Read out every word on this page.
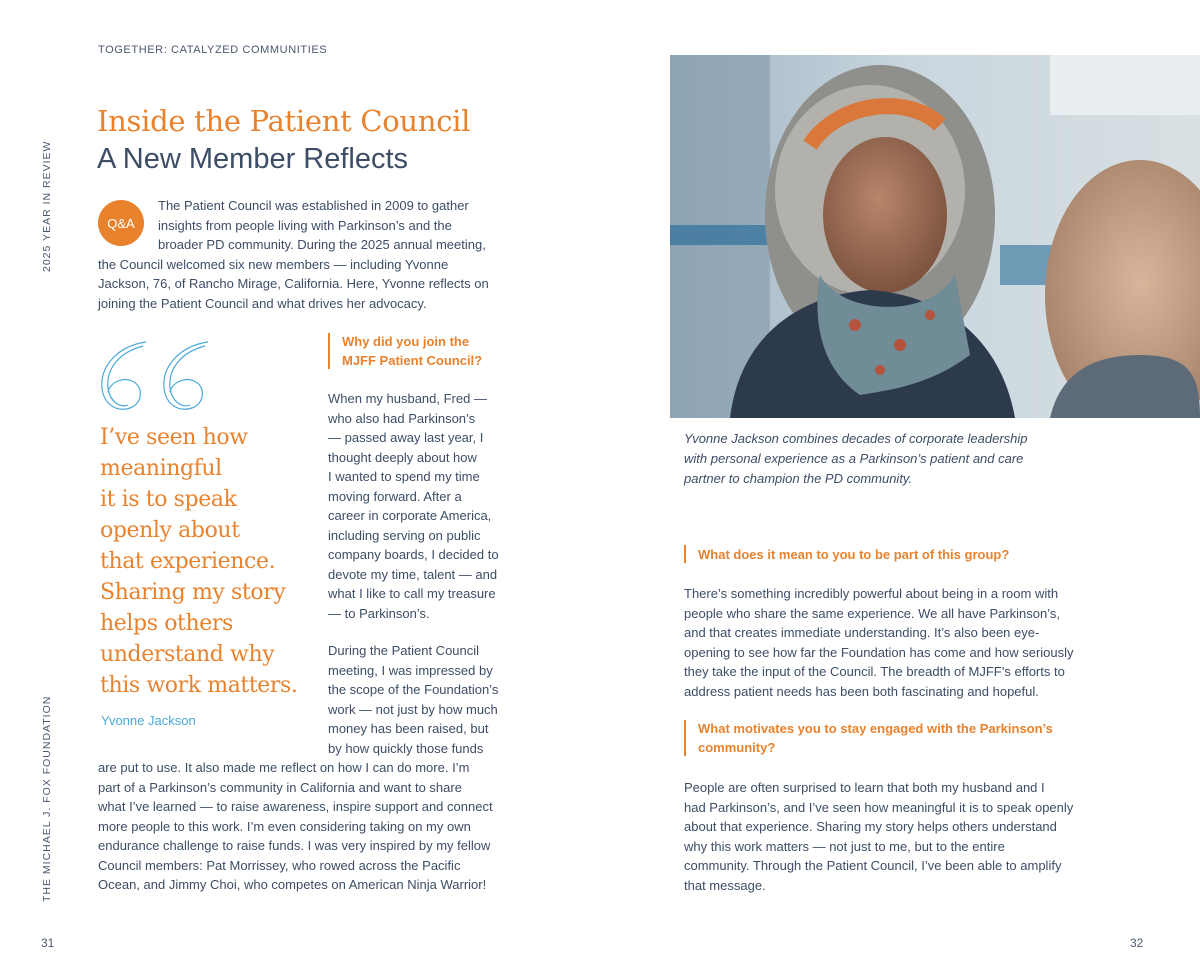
TOGETHER: CATALYZED COMMUNITIES
2025 YEAR IN REVIEW
THE MICHAEL J. FOX FOUNDATION
31	32
Inside the Patient Council
A New Member Reflects
Q&A
The Patient Council was established in 2009 to gather
insights from people living with Parkinson’s and the
broader PD community. During the 2025 annual meeting,
the Council welcomed six new members — including Yvonne
Jackson, 76, of Rancho Mirage, California. Here, Yvonne reflects on
joining the Patient Council and what drives her advocacy.
I’ve seen how
meaningful
it is to speak
openly about
that experience.
Sharing my story
helps others
understand why
this work matters.
Yvonne Jackson
Why did you join the
MJFF Patient Council?
When my husband, Fred —
who also had Parkinson’s
— passed away last year, I
thought deeply about how
I wanted to spend my time
moving forward. After a
career in corporate America,
including serving on public
company boards, I decided to
devote my time, talent — and
what I like to call my treasure
— to Parkinson’s.
During the Patient Council
meeting, I was impressed by
the scope of the Foundation’s
work — not just by how much
money has been raised, but
by how quickly those funds
are put to use. It also made me reflect on how I can do more. I’m
part of a Parkinson’s community in California and want to share
what I’ve learned — to raise awareness, inspire support and connect
more people to this work. I’m even considering taking on my own
endurance challenge to raise funds. I was very inspired by my fellow
Council members: Pat Morrissey, who rowed across the Pacific
Ocean, and Jimmy Choi, who competes on American Ninja Warrior!
Yvonne Jackson combines decades of corporate leadership
with personal experience as a Parkinson’s patient and care
partner to champion the PD community.
What does it mean to you to be part of this group?
There’s something incredibly powerful about being in a room with
people who share the same experience. We all have Parkinson’s,
and that creates immediate understanding. It’s also been eye-
opening to see how far the Foundation has come and how seriously
they take the input of the Council. The breadth of MJFF’s efforts to
address patient needs has been both fascinating and hopeful.
What motivates you to stay engaged with the Parkinson’s
community?
People are often surprised to learn that both my husband and I
had Parkinson’s, and I’ve seen how meaningful it is to speak openly
about that experience. Sharing my story helps others understand
why this work matters — not just to me, but to the entire
community. Through the Patient Council, I’ve been able to amplify
that message.
